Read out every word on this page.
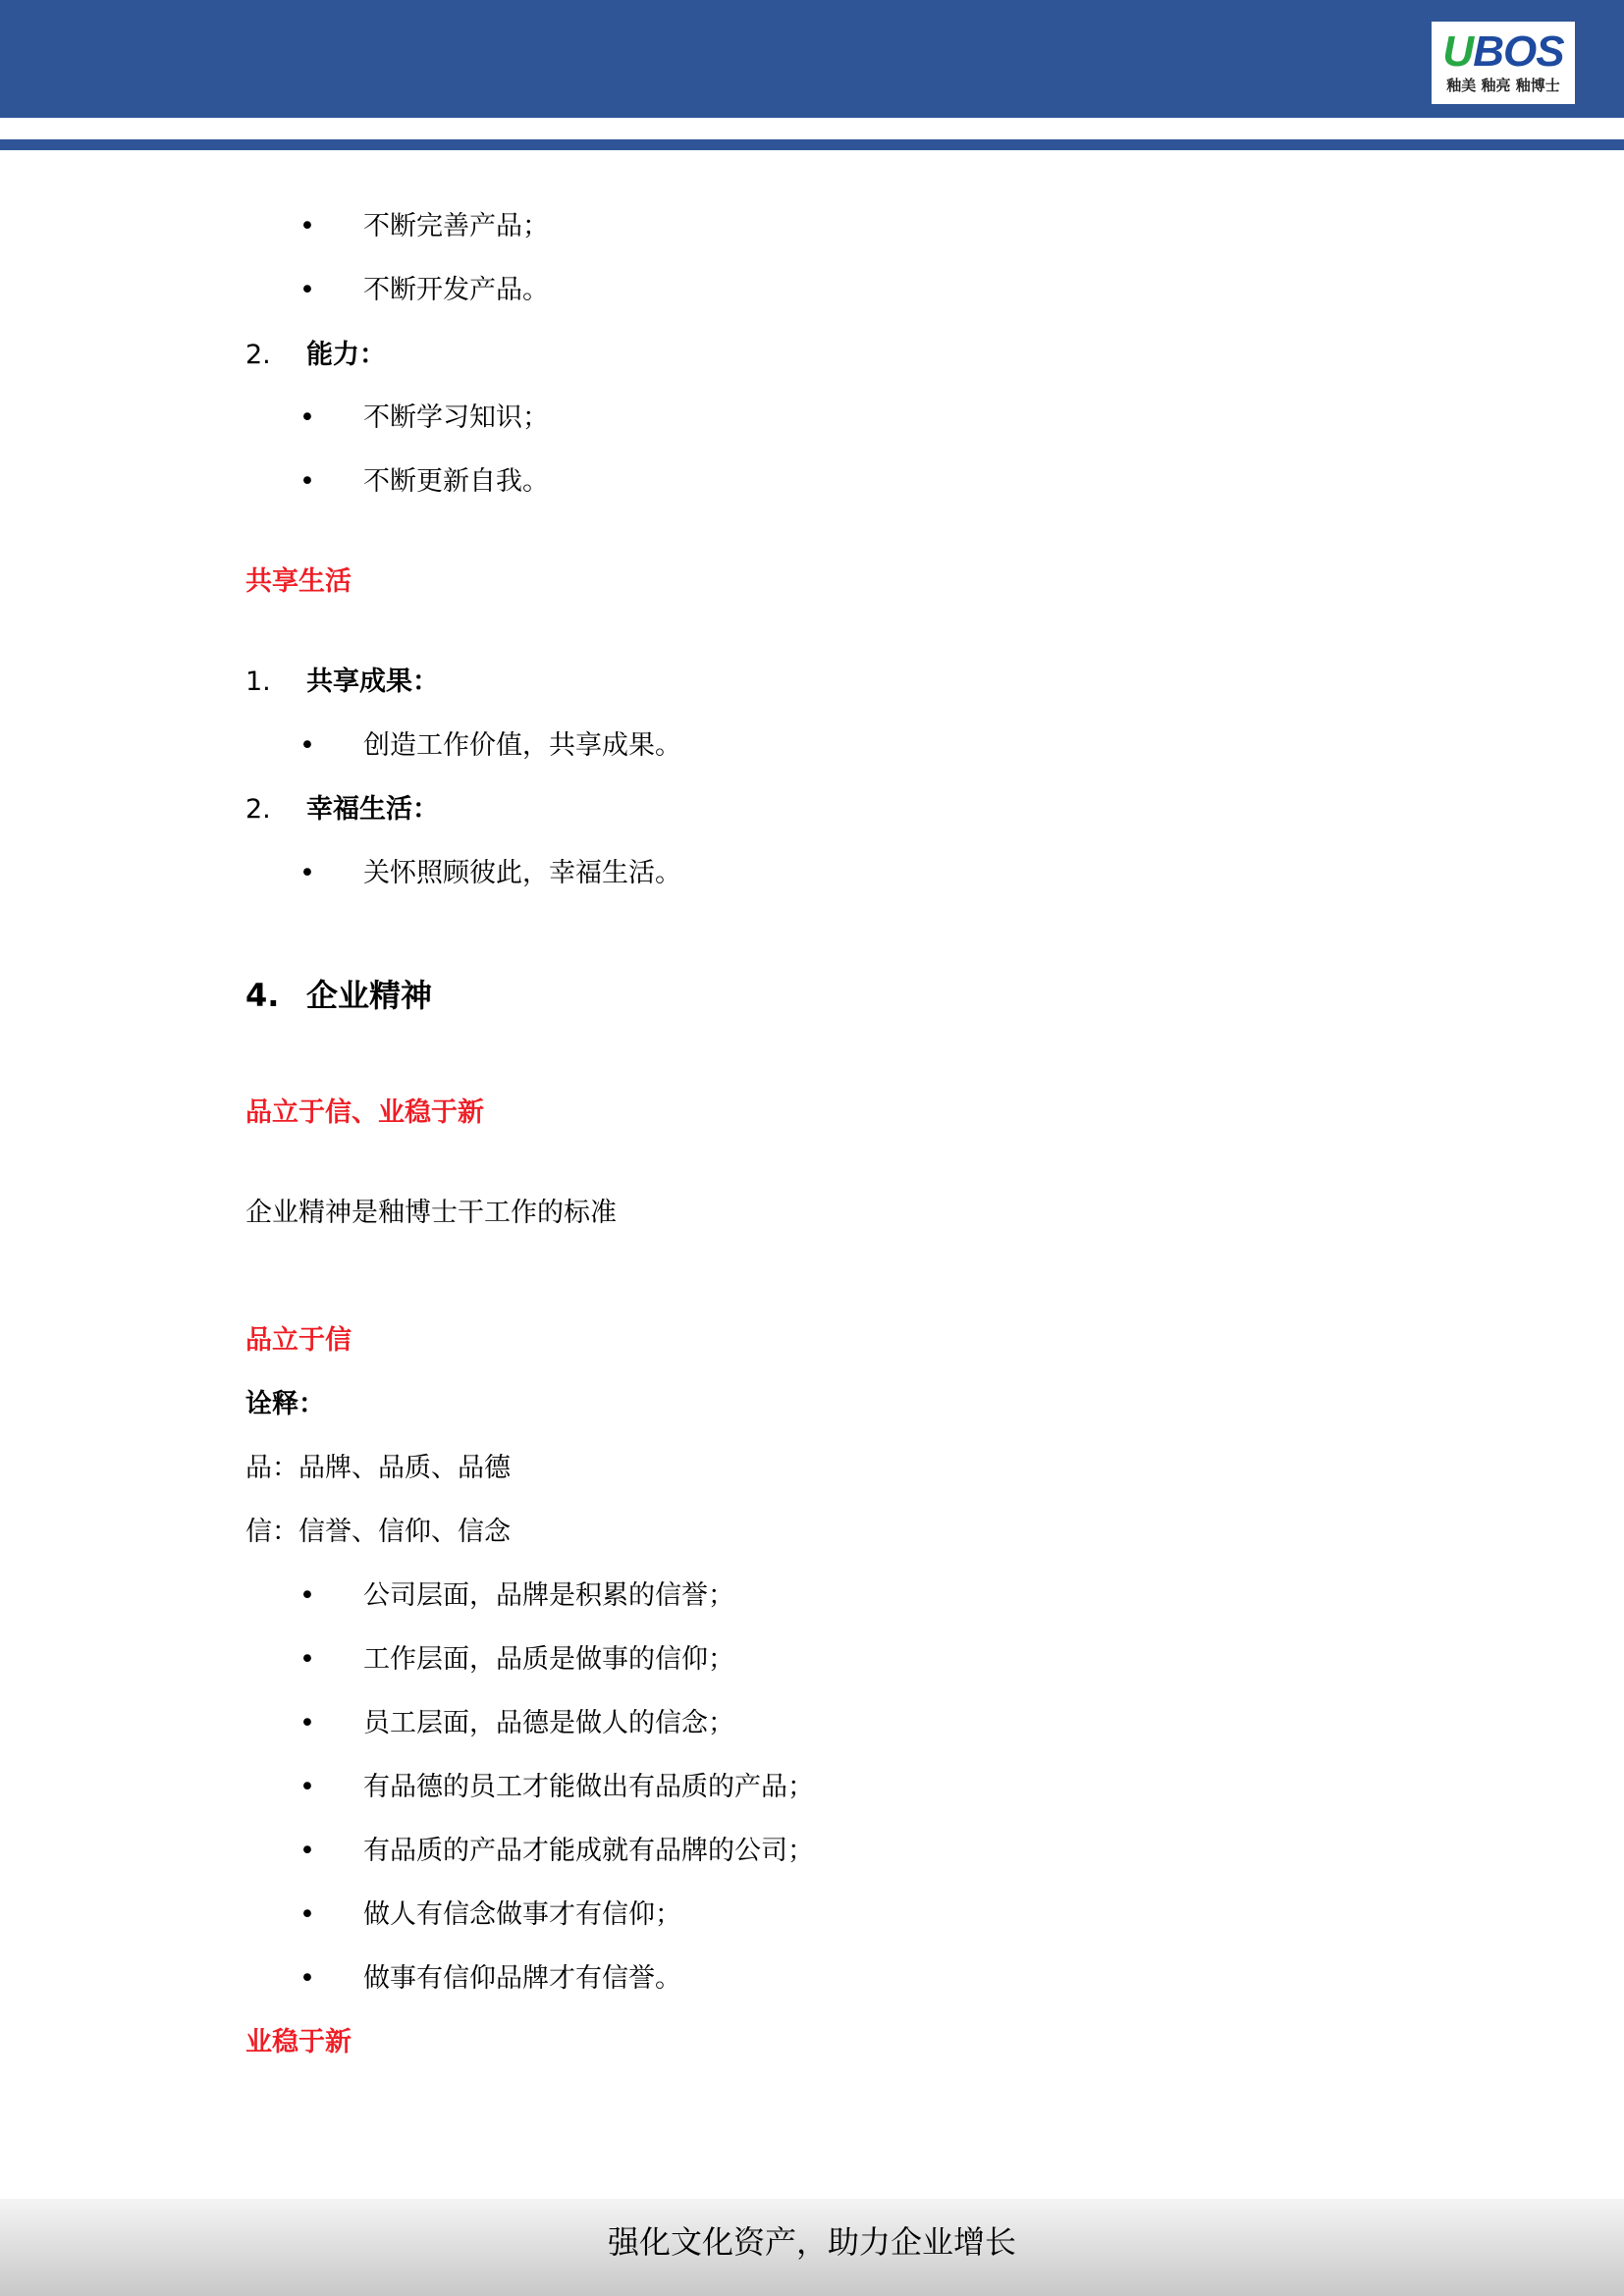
UBOS
釉美 釉亮 釉博士
• 不断完善产品；
• 不断开发产品。
2. 能力：
• 不断学习知识；
• 不断更新自我。
共享生活
1. 共享成果：
• 创造工作价值，共享成果。
2. 幸福生活：
• 关怀照顾彼此，幸福生活。
4. 企业精神
品立于信、业稳于新
企业精神是釉博士干工作的标准
品立于信
诠释：
品：品牌、品质、品德
信：信誉、信仰、信念
• 公司层面，品牌是积累的信誉；
• 工作层面，品质是做事的信仰；
• 员工层面，品德是做人的信念；
• 有品德的员工才能做出有品质的产品；
• 有品质的产品才能成就有品牌的公司；
• 做人有信念做事才有信仰；
• 做事有信仰品牌才有信誉。
业稳于新
强化文化资产，助力企业增长
